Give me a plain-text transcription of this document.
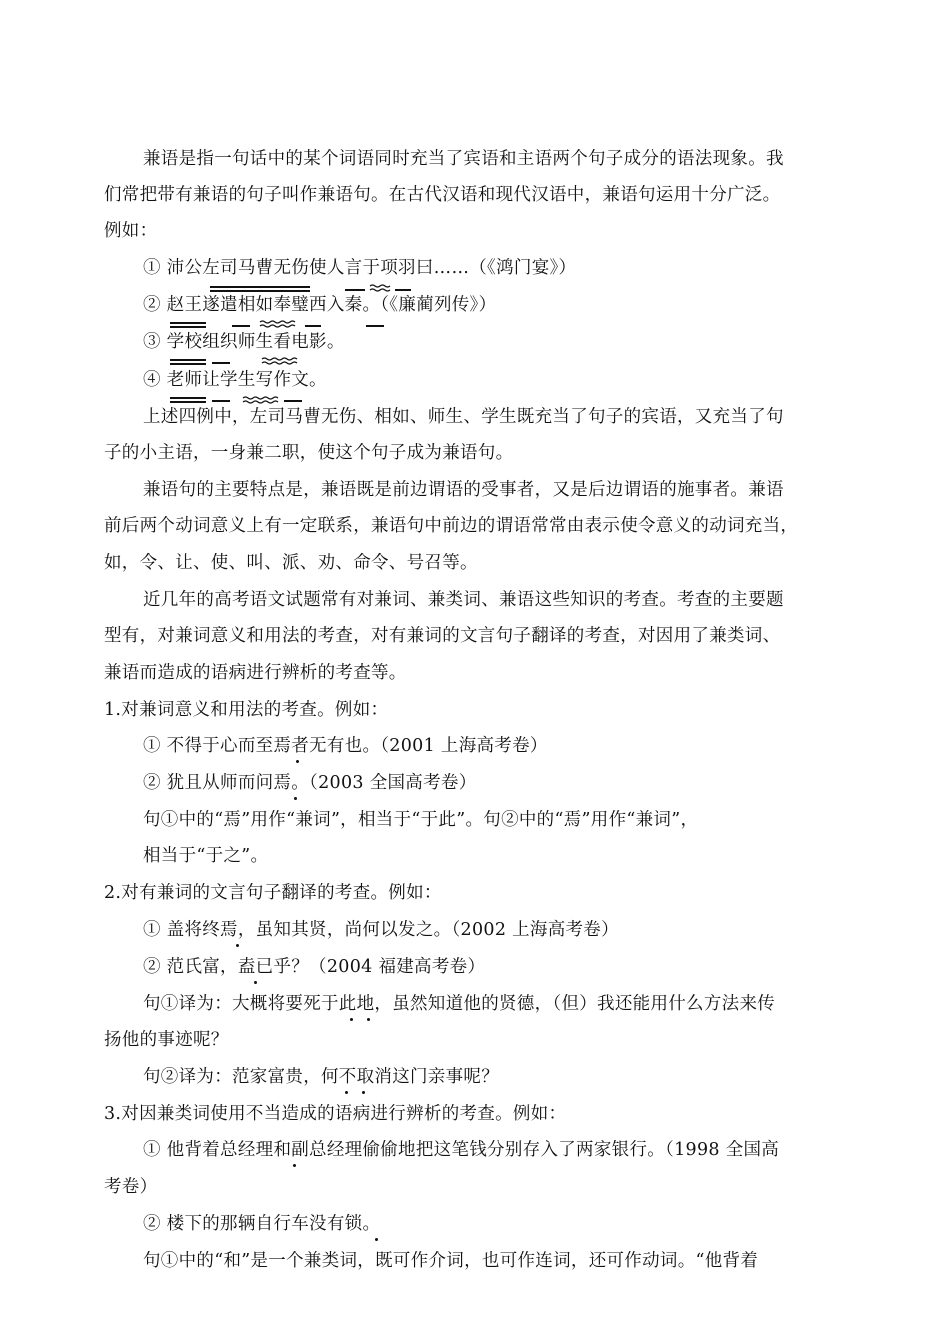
兼语是指一句话中的某个词语同时充当了宾语和主语两个句子成分的语法现象。我
们常把带有兼语的句子叫作兼语句。在古代汉语和现代汉语中，兼语句运用十分广泛。
例如：
① 沛公左司马曹无伤使人言于项羽曰……（《鸿门宴》）
② 赵王遂遣相如奉璧西入秦。（《廉蔺列传》）
③ 学校组织师生看电影。
④ 老师让学生写作文。
上述四例中，左司马曹无伤、相如、师生、学生既充当了句子的宾语，又充当了句
子的小主语，一身兼二职，使这个句子成为兼语句。
兼语句的主要特点是，兼语既是前边谓语的受事者，又是后边谓语的施事者。兼语
前后两个动词意义上有一定联系，兼语句中前边的谓语常常由表示使令意义的动词充当，
如，令、让、使、叫、派、劝、命令、号召等。
近几年的高考语文试题常有对兼词、兼类词、兼语这些知识的考查。考查的主要题
型有，对兼词意义和用法的考查，对有兼词的文言句子翻译的考查，对因用了兼类词、
兼语而造成的语病进行辨析的考查等。
1.对兼词意义和用法的考查。例如：
① 不得于心而至焉者无有也。（2001 上海高考卷）
② 犹且从师而问焉。（2003 全国高考卷）
句①中的“焉”用作“兼词”，相当于“于此”。句②中的“焉”用作“兼词”，
相当于“于之”。
2.对有兼词的文言句子翻译的考查。例如：
① 盖将终焉，虽知其贤，尚何以发之。（2002 上海高考卷）
② 范氏富，盍已乎？（2004 福建高考卷）
句①译为：大概将要死于此地，虽然知道他的贤德，（但）我还能用什么方法来传
扬他的事迹呢？
句②译为：范家富贵，何不取消这门亲事呢？
3.对因兼类词使用不当造成的语病进行辨析的考查。例如：
① 他背着总经理和副总经理偷偷地把这笔钱分别存入了两家银行。（1998 全国高
考卷）
② 楼下的那辆自行车没有锁。
句①中的“和”是一个兼类词，既可作介词，也可作连词，还可作动词。“他背着
